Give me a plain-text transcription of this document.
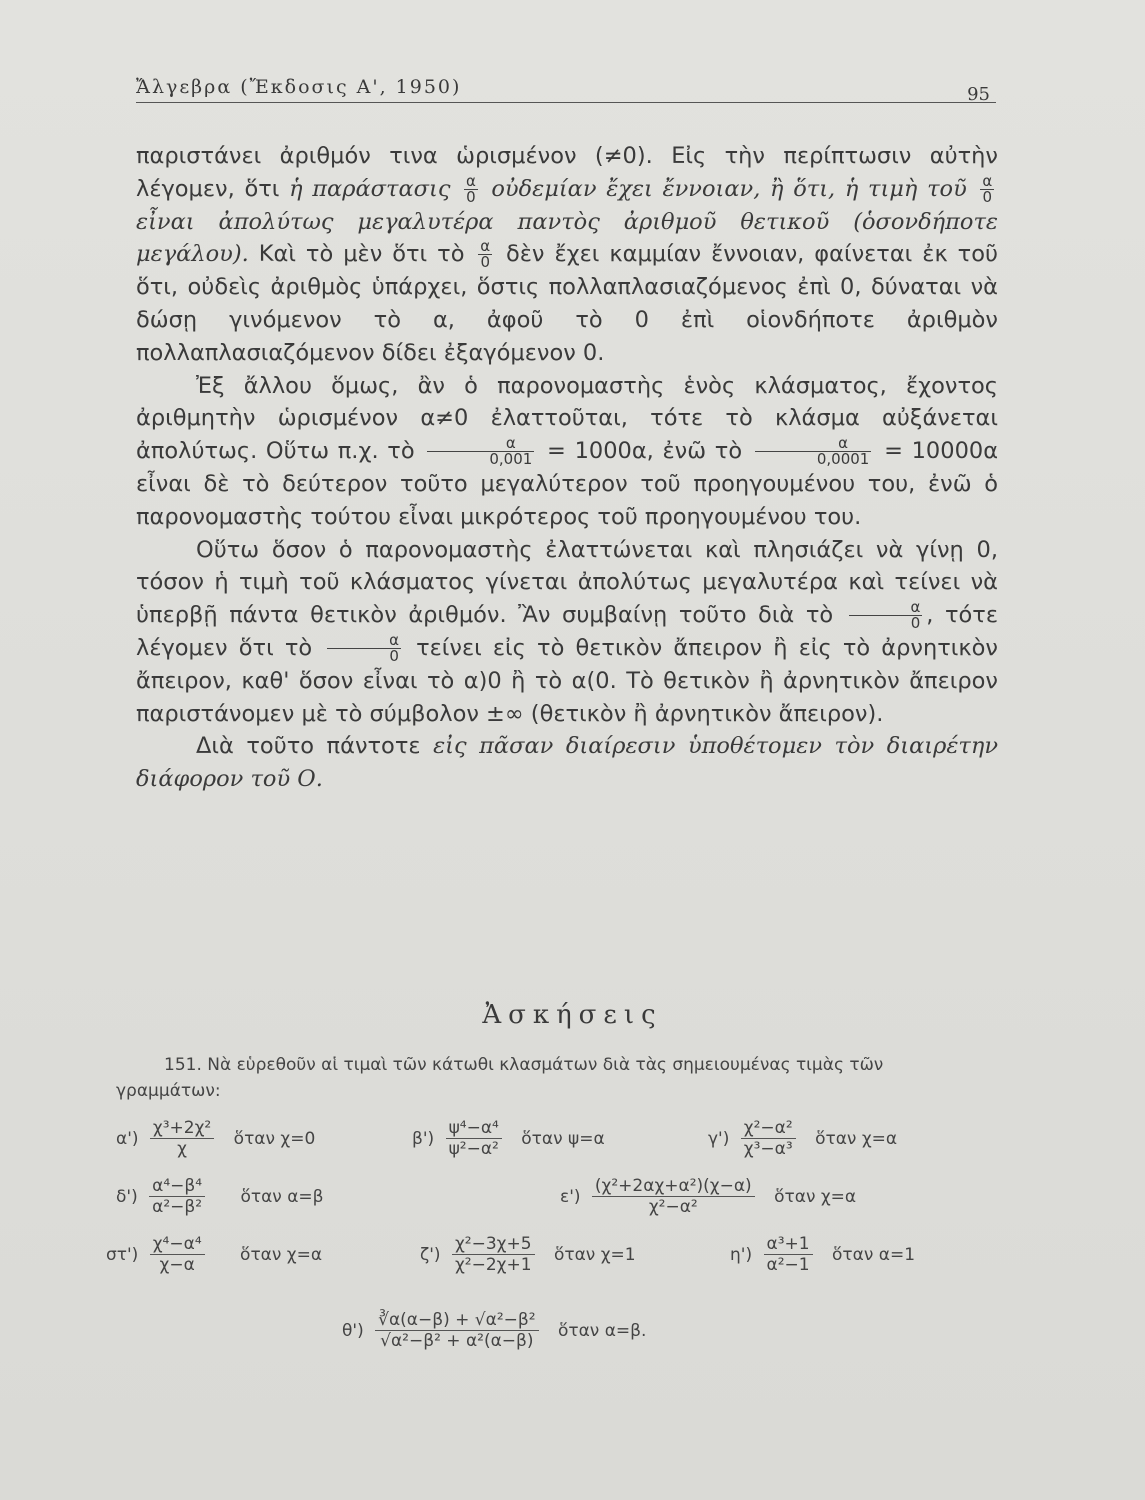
Ἄλγεβρα (Ἔκδοσις Α', 1950)	95

παριστάνει ἀριθμόν τινα ὡρισμένον (≠0). Εἰς τὴν περίπτωσιν αὐτὴν λέγομεν, ὅτι ἡ παράστασις $\frac{\alpha}{0}$ οὐδεμίαν ἔχει ἔννοιαν, ἢ ὅτι, ἡ τιμὴ τοῦ $\frac{\alpha}{0}$
εἶναι ἀπολύτως μεγαλυτέρα παντὸς ἀριθμοῦ θετικοῦ (ὁσονδήποτε μεγάλου). Καὶ τὸ μὲν ὅτι τὸ $\frac{\alpha}{0}$ δὲν ἔχει καμμίαν ἔννοιαν, φαίνεται ἐκ τοῦ ὅτι, οὐδεὶς ἀριθμὸς ὑπάρχει, ὅστις πολλαπλασιαζόμενος ἐπὶ 0, δύναται νὰ δώσῃ γινόμενον τὸ α, ἀφοῦ τὸ 0 ἐπὶ οἱονδήποτε ἀριθμὸν πολλαπλασιαζόμενον δίδει ἐξαγόμενον 0.

Ἐξ ἄλλου ὅμως, ἂν ὁ παρονομαστὴς ἑνὸς κλάσματος, ἔχοντος ἀριθμητὴν ὡρισμένον α≠0 ἐλαττοῦται, τότε τὸ κλάσμα αὐξάνεται ἀπολύτως. Οὕτω π.χ. τὸ $\frac{\alpha}{0,001} = 1000\alpha$, ἐνῶ τὸ $\frac{\alpha}{0,0001} = 10000\alpha$ εἶναι δὲ τὸ δεύτερον τοῦτο μεγαλύτερον τοῦ προηγουμένου του, ἐνῶ ὁ παρονομαστὴς τούτου εἶναι μικρότερος τοῦ προηγουμένου του.

Οὕτω ὅσον ὁ παρονομαστὴς ἐλαττώνεται καὶ πλησιάζει νὰ γίνῃ 0, τόσον ἡ τιμὴ τοῦ κλάσματος γίνεται ἀπολύτως μεγαλυτέρα καὶ τείνει νὰ ὑπερβῇ πάντα θετικὸν ἀριθμόν. Ἂν συμβαίνῃ τοῦτο διὰ τὸ $\frac{\alpha}{0}$ , τότε λέγομεν ὅτι τὸ $\frac{\alpha}{0}$ τείνει εἰς τὸ θετικὸν ἄπειρον ἢ εἰς τὸ ἀρνητικὸν ἄπειρον, καθ' ὅσον εἶναι τὸ α)0 ἢ τὸ α(0. Τὸ θετικὸν ἢ ἀρνητικὸν ἄπειρον παριστάνομεν μὲ τὸ σύμβολον ±∞ (θετικὸν ἢ ἀρνητικὸν ἄπειρον).

Διὰ τοῦτο πάντοτε εἰς πᾶσαν διαίρεσιν ὑποθέτομεν τὸν διαιρέτην διάφορον τοῦ Ο.

Ἀσκήσεις

151. Νὰ εὑρεθοῦν αἱ τιμαὶ τῶν κάτωθι κλασμάτων διὰ τὰς σημειουμένας τιμὰς τῶν γραμμάτων:

$\alpha') \frac{\text{χ³+2χ²}}{\chi}$ ὅταν χ=0	$\beta') \frac{\text{ψ⁴−α⁴}}{\text{ψ²−α²}}$ ὅταν ψ=α	$\gamma') \frac{\text{χ²−α²}}{\text{χ³−α³}}$ ὅταν χ=α
$\delta') \frac{\text{α⁴−β⁴}}{\text{α²−β²}}$ ὅταν α=β	$\varepsilon') \frac{\text{(χ²+2αχ+α²)(χ−α)}}{\text{χ²−α²}}$ ὅταν χ=α
$\sigma\tau') \frac{\text{χ⁴−α⁴}}{\chi-\alpha}$ ὅταν χ=α	$\zeta') \frac{\text{χ²−3χ+5}}{\text{χ²−2χ+1}}$ ὅταν χ=1	$\eta') \frac{\text{α³+1}}{\text{α²−1}}$ ὅταν α=1
$\theta') \frac{\text{∛α(α−β) + √α²−β²}}{\text{√α²−β² + α²(α−β)}}$ ὅταν α=β.
